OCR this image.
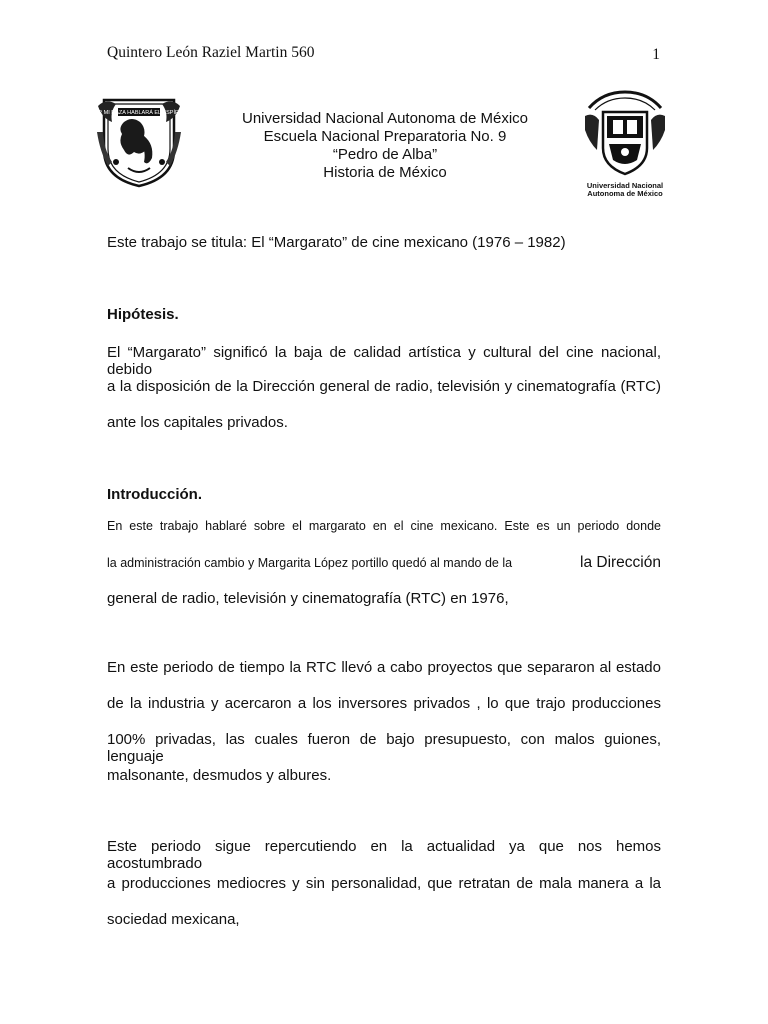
Quintero León Raziel Martin 560	1
POR MI RAZA HABLARÁ EL ESPÍRITU	Universidad Nacional Autonoma de México
Escuela Nacional Preparatoria No. 9
“Pedro de Alba”
Historia de México
Universidad Nacional
Autonoma de México
Este trabajo se titula: El “Margarato” de cine mexicano (1976 – 1982)
Hipótesis.
El “Margarato” significó la baja de calidad artística y cultural del cine nacional, debido
a la disposición de la Dirección general de radio, televisión y cinematografía (RTC)
ante los capitales privados.
Introducción.
En este trabajo hablaré sobre el margarato en el cine mexicano. Este es un periodo donde
la administración cambio y Margarita López portillo quedó al mando de la	la Dirección
general de radio, televisión y cinematografía (RTC) en 1976,
En este periodo de tiempo la RTC llevó a cabo proyectos que separaron al estado
de la industria y acercaron a los inversores privados , lo que trajo producciones
100% privadas, las cuales fueron de bajo presupuesto, con malos guiones, lenguaje
malsonante, desmudos y albures.
Este periodo sigue repercutiendo en la actualidad ya que nos hemos acostumbrado
a producciones mediocres y sin personalidad, que retratan de mala manera a la
sociedad mexicana,
